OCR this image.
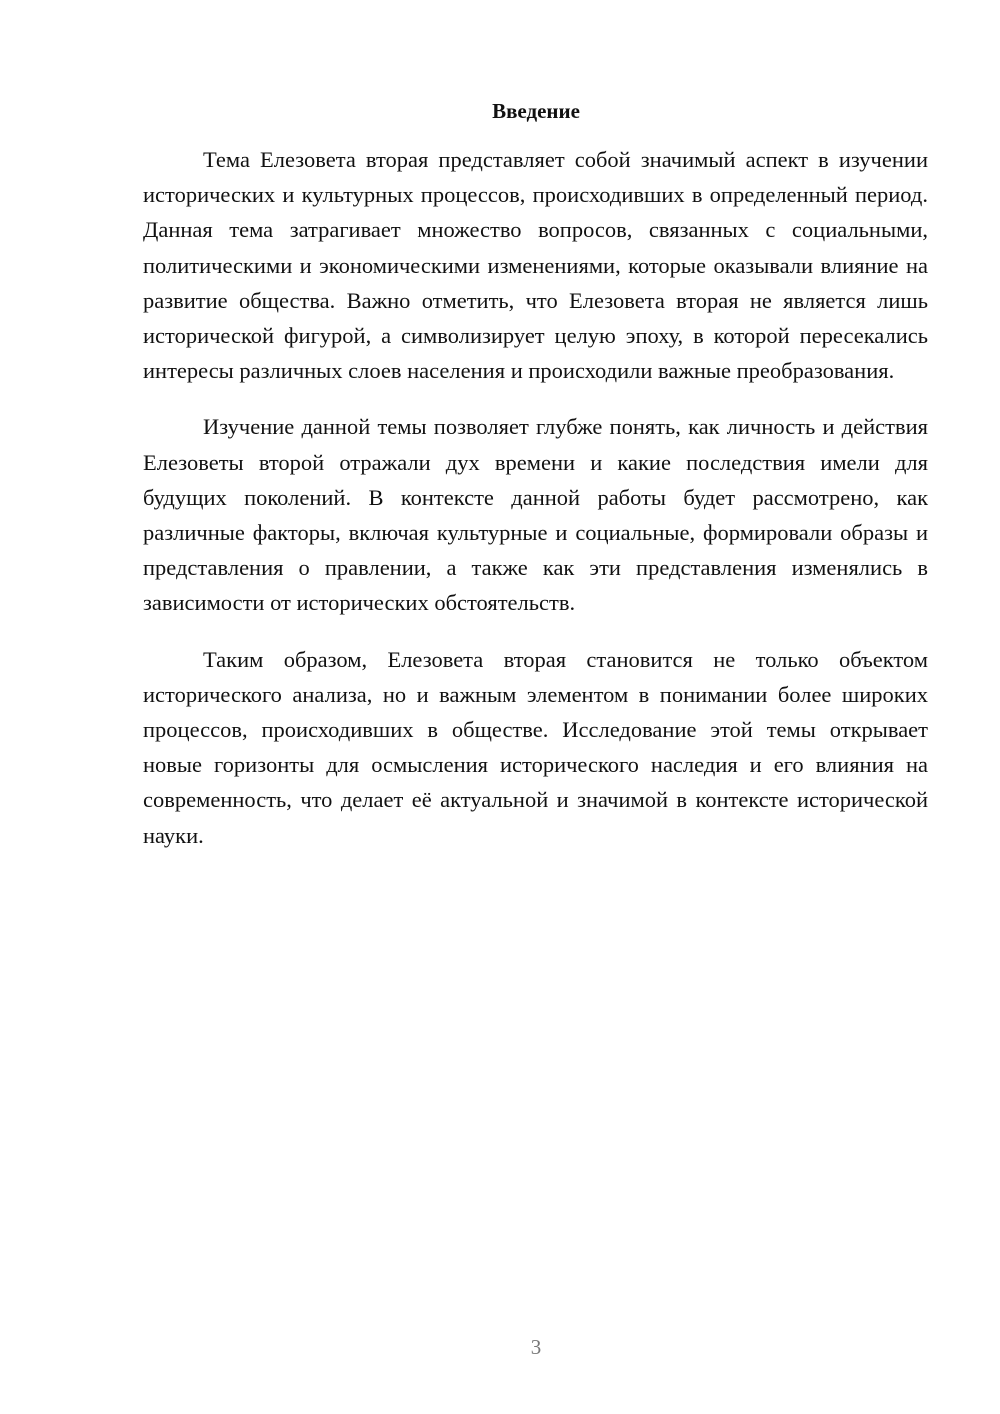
Введение

Тема Елезовета вторая представляет собой значимый аспект в изучении исторических и культурных процессов, происходивших в определенный период. Данная тема затрагивает множество вопросов, связанных с социальными, политическими и экономическими изменениями, которые оказывали влияние на развитие общества. Важно отметить, что Елезовета вторая не является лишь исторической фигурой, а символизирует целую эпоху, в которой пересекались интересы различных слоев населения и происходили важные преобразования.

Изучение данной темы позволяет глубже понять, как личность и действия Елезоветы второй отражали дух времени и какие последствия имели для будущих поколений. В контексте данной работы будет рассмотрено, как различные факторы, включая культурные и социальные, формировали образы и представления о правлении, а также как эти представления изменялись в зависимости от исторических обстоятельств.

Таким образом, Елезовета вторая становится не только объектом исторического анализа, но и важным элементом в понимании более широких процессов, происходивших в обществе. Исследование этой темы открывает новые горизонты для осмысления исторического наследия и его влияния на современность, что делает её актуальной и значимой в контексте исторической науки.

3
